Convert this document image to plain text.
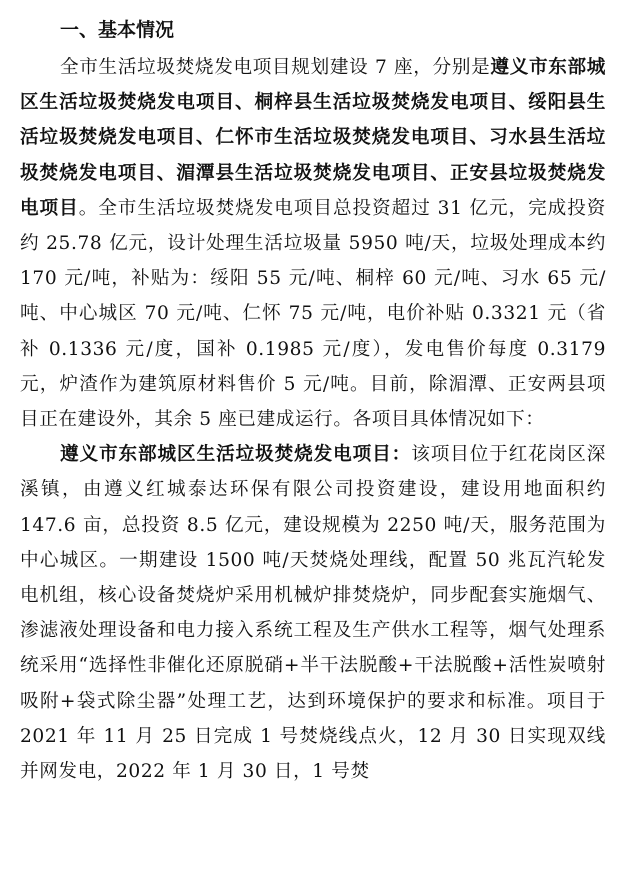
一、基本情况

全市生活垃圾焚烧发电项目规划建设 7 座，分别是遵义市东部城区生活垃圾焚烧发电项目、桐梓县生活垃圾焚烧发电项目、绥阳县生活垃圾焚烧发电项目、仁怀市生活垃圾焚烧发电项目、习水县生活垃圾焚烧发电项目、湄潭县生活垃圾焚烧发电项目、正安县垃圾焚烧发电项目。全市生活垃圾焚烧发电项目总投资超过 31 亿元，完成投资约 25.78 亿元，设计处理生活垃圾量 5950 吨/天，垃圾处理成本约 170 元/吨，补贴为：绥阳 55 元/吨、桐梓 60 元/吨、习水 65 元/吨、中心城区 70 元/吨、仁怀 75 元/吨，电价补贴 0.3321 元（省补 0.1336 元/度，国补 0.1985 元/度），发电售价每度 0.3179 元，炉渣作为建筑原材料售价 5 元/吨。目前，除湄潭、正安两县项目正在建设外，其余 5 座已建成运行。各项目具体情况如下：

遵义市东部城区生活垃圾焚烧发电项目：该项目位于红花岗区深溪镇，由遵义红城泰达环保有限公司投资建设，建设用地面积约 147.6 亩，总投资 8.5 亿元，建设规模为 2250 吨/天，服务范围为中心城区。一期建设 1500 吨/天焚烧处理线，配置 50 兆瓦汽轮发电机组，核心设备焚烧炉采用机械炉排焚烧炉，同步配套实施烟气、渗滤液处理设备和电力接入系统工程及生产供水工程等，烟气处理系统采用“选择性非催化还原脱硝+半干法脱酸+干法脱酸+活性炭喷射吸附+袋式除尘器”处理工艺，达到环境保护的要求和标准。项目于 2021 年 11 月 25 日完成 1 号焚烧线点火，12 月 30 日实现双线并网发电，2022 年 1 月 30 日，1 号焚
